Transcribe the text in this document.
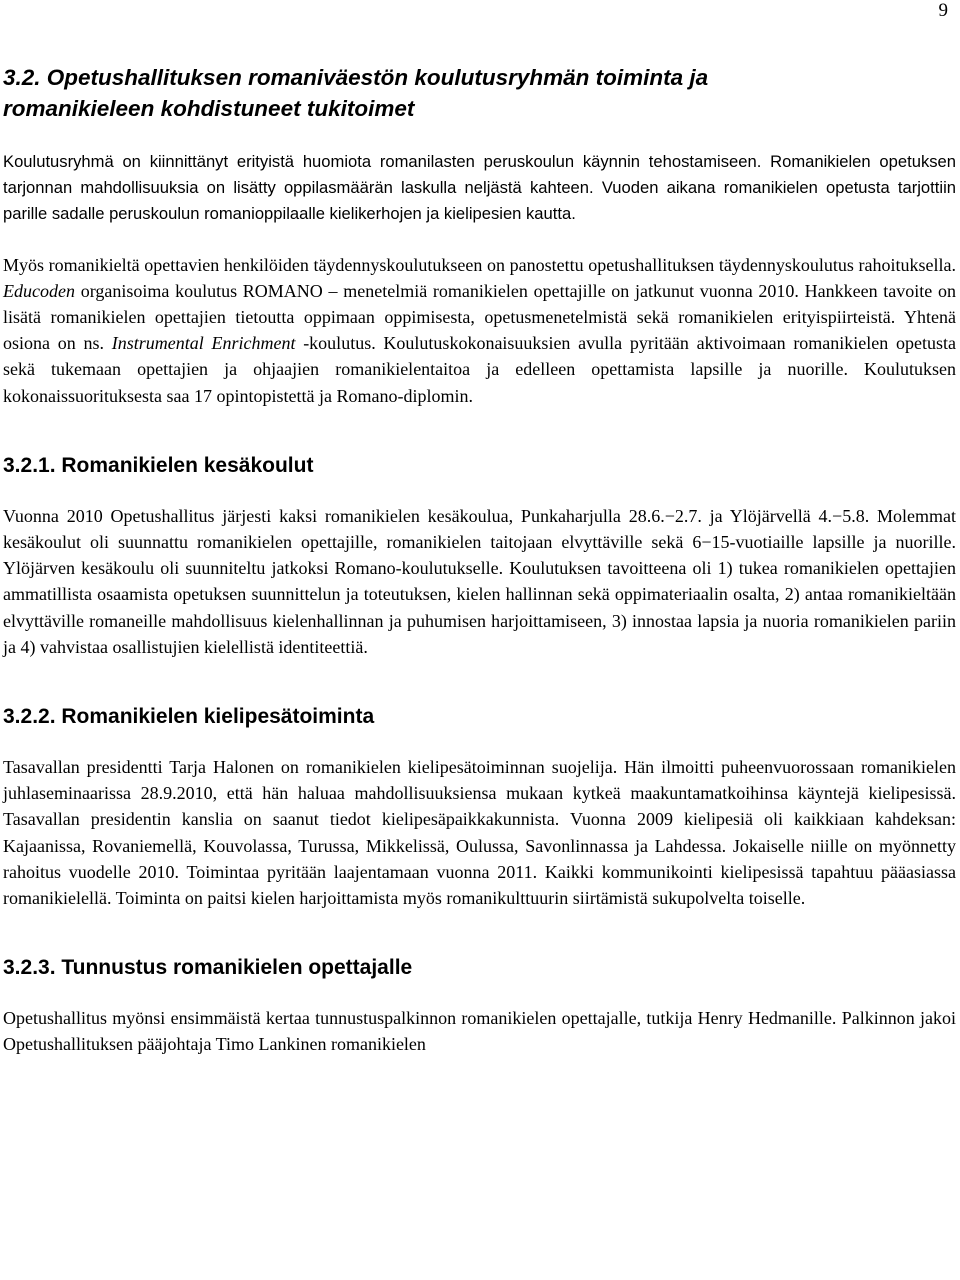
9
3.2. Opetushallituksen romaniväestön koulutusryhmän toiminta ja
romanikieleen kohdistuneet tukitoimet

Koulutusryhmä on kiinnittänyt erityistä huomiota romanilasten peruskoulun käynnin tehostamiseen. Romanikielen opetuksen tarjonnan mahdollisuuksia on lisätty oppilasmäärän laskulla neljästä kahteen. Vuoden aikana romanikielen opetusta tarjottiin parille sadalle peruskoulun romanioppilaalle kielikerhojen ja kielipesien kautta.

Myös romanikieltä opettavien henkilöiden täydennyskoulutukseen on panostettu opetushallituksen täydennyskoulutus rahoituksella. Educoden organisoima koulutus ROMANO – menetelmiä romanikielen opettajille on jatkunut vuonna 2010. Hankkeen tavoite on lisätä romanikielen opettajien tietoutta oppimaan oppimisesta, opetusmenetelmistä sekä romanikielen erityispiirteistä. Yhtenä osiona on ns. Instrumental Enrichment -koulutus. Koulutuskokonaisuuksien avulla pyritään aktivoimaan romanikielen opetusta sekä tukemaan opettajien ja ohjaajien romanikielentaitoa ja edelleen opettamista lapsille ja nuorille. Koulutuksen kokonaissuorituksesta saa 17 opintopistettä ja Romano-diplomin.

3.2.1. Romanikielen kesäkoulut

Vuonna 2010 Opetushallitus järjesti kaksi romanikielen kesäkoulua, Punkaharjulla 28.6.−2.7. ja Ylöjärvellä 4.−5.8. Molemmat kesäkoulut oli suunnattu romanikielen opettajille, romanikielen taitojaan elvyttäville sekä 6−15-vuotiaille lapsille ja nuorille. Ylöjärven kesäkoulu oli suunniteltu jatkoksi Romano-koulutukselle. Koulutuksen tavoitteena oli 1) tukea romanikielen opettajien ammatillista osaamista opetuksen suunnittelun ja toteutuksen, kielen hallinnan sekä oppimateriaalin osalta, 2) antaa romanikieltään elvyttäville romaneille mahdollisuus kielenhallinnan ja puhumisen harjoittamiseen, 3) innostaa lapsia ja nuoria romanikielen pariin ja 4) vahvistaa osallistujien kielellistä identiteettiä.

3.2.2. Romanikielen kielipesätoiminta

Tasavallan presidentti Tarja Halonen on romanikielen kielipesätoiminnan suojelija. Hän ilmoitti puheenvuorossaan romanikielen juhlaseminaarissa 28.9.2010, että hän haluaa mahdollisuuksiensa mukaan kytkeä maakuntamatkoihinsa käyntejä kielipesissä. Tasavallan presidentin kanslia on saanut tiedot kielipesäpaikkakunnista. Vuonna 2009 kielipesiä oli kaikkiaan kahdeksan: Kajaanissa, Rovaniemellä, Kouvolassa, Turussa, Mikkelissä, Oulussa, Savonlinnassa ja Lahdessa. Jokaiselle niille on myönnetty rahoitus vuodelle 2010. Toimintaa pyritään laajentamaan vuonna 2011. Kaikki kommunikointi kielipesissä tapahtuu pääasiassa romanikielellä. Toiminta on paitsi kielen harjoittamista myös romanikulttuurin siirtämistä sukupolvelta toiselle.

3.2.3. Tunnustus romanikielen opettajalle

Opetushallitus myönsi ensimmäistä kertaa tunnustuspalkinnon romanikielen opettajalle, tutkija Henry Hedmanille. Palkinnon jakoi Opetushallituksen pääjohtaja Timo Lankinen romanikielen
